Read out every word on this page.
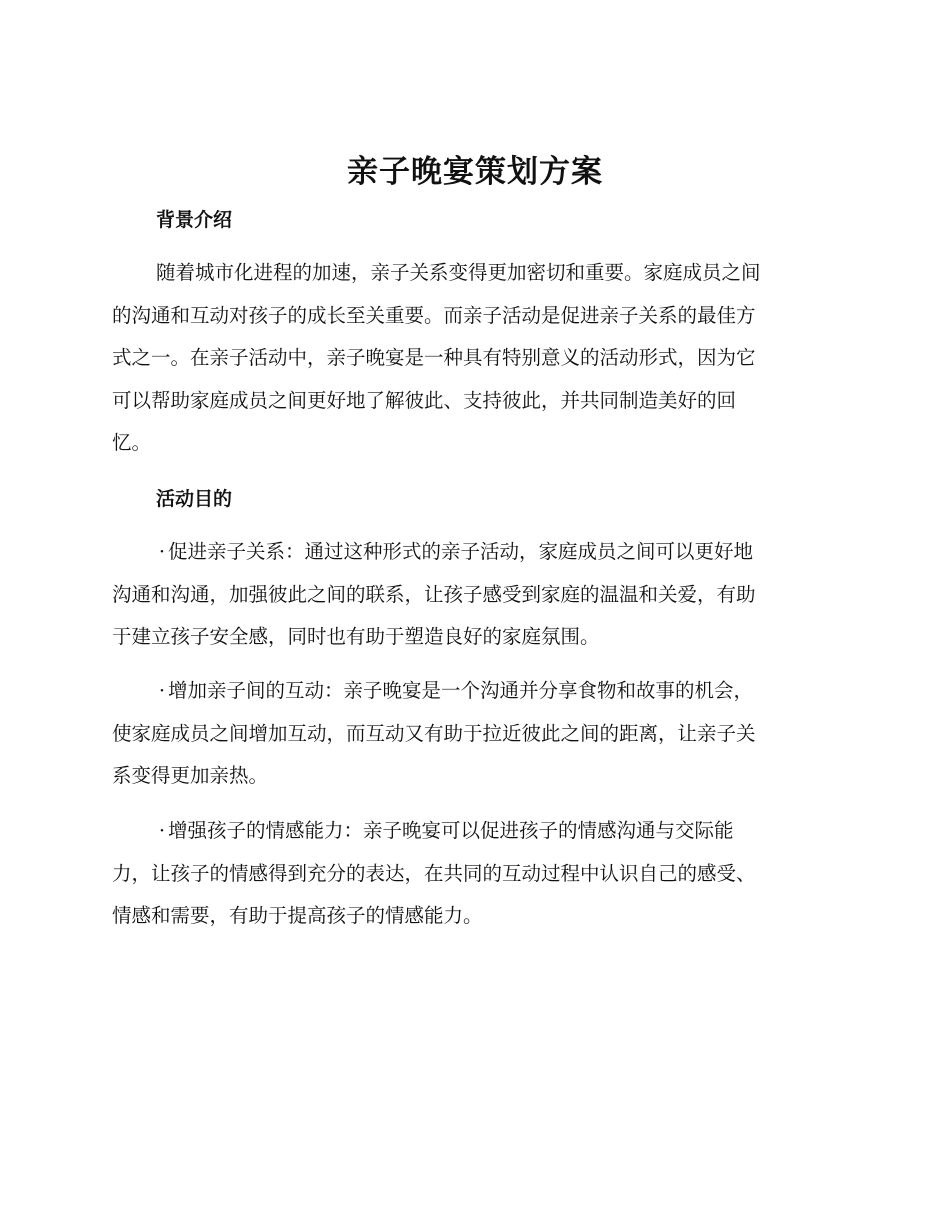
亲子晚宴策划方案
背景介绍

随着城市化进程的加速，亲子关系变得更加密切和重要。家庭成员之间
的沟通和互动对孩子的成长至关重要。而亲子活动是促进亲子关系的最佳方
式之一。在亲子活动中，亲子晚宴是一种具有特别意义的活动形式，因为它
可以帮助家庭成员之间更好地了解彼此、支持彼此，并共同制造美好的回
忆。

活动目的

· 促进亲子关系：通过这种形式的亲子活动，家庭成员之间可以更好地
沟通和沟通，加强彼此之间的联系，让孩子感受到家庭的温温和关爱，有助
于建立孩子安全感，同时也有助于塑造良好的家庭氛围。

· 增加亲子间的互动：亲子晚宴是一个沟通并分享食物和故事的机会，
使家庭成员之间增加互动，而互动又有助于拉近彼此之间的距离，让亲子关
系变得更加亲热。

· 增强孩子的情感能力：亲子晚宴可以促进孩子的情感沟通与交际能
力，让孩子的情感得到充分的表达，在共同的互动过程中认识自己的感受、
情感和需要，有助于提高孩子的情感能力。
